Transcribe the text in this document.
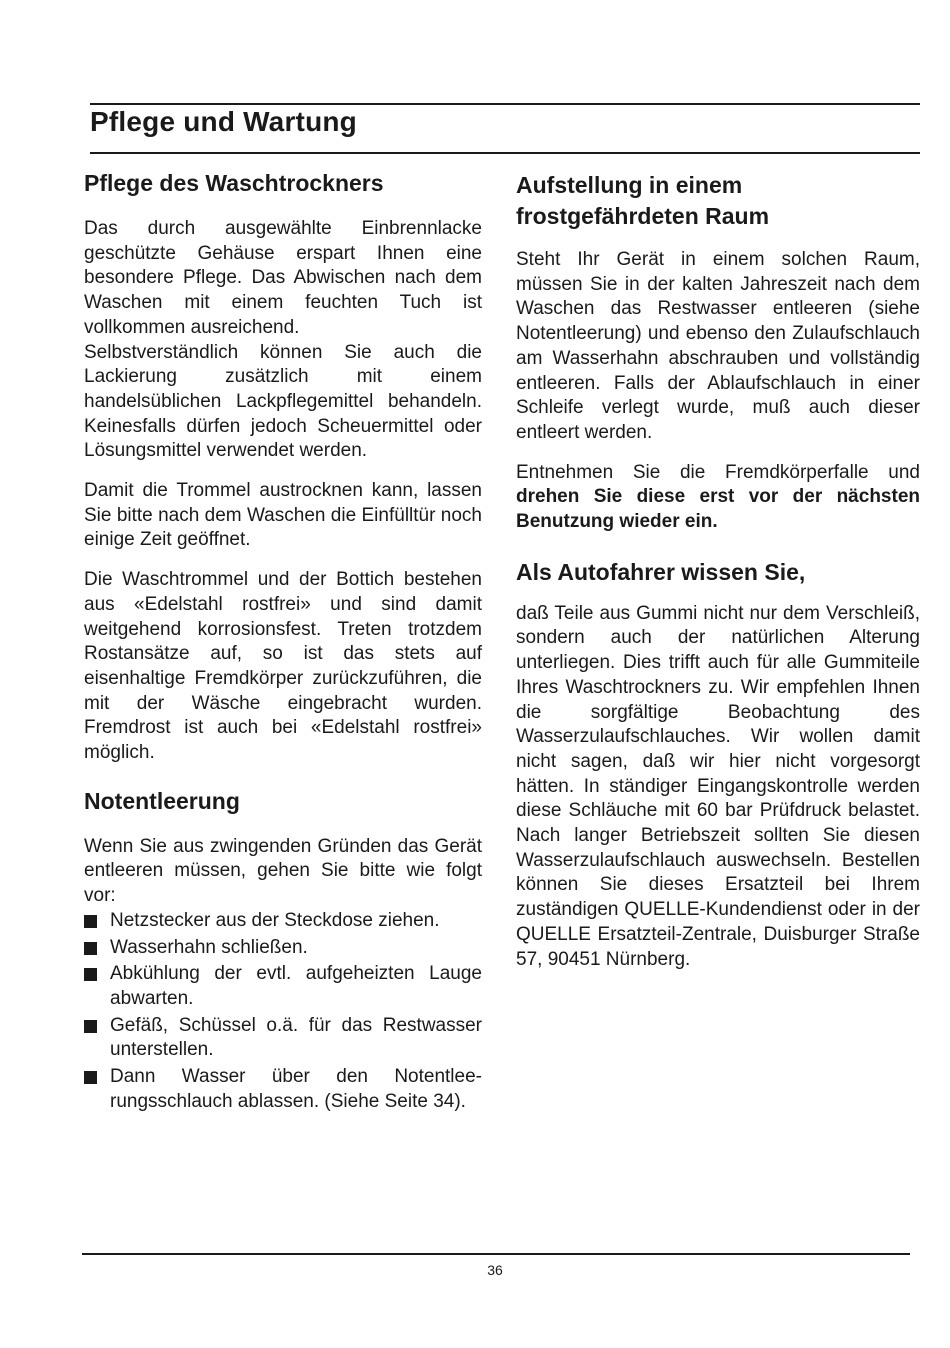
Pflege und Wartung
Pflege des Waschtrockners

Das durch ausgewählte Einbrennlacke geschützte Gehäuse erspart Ihnen eine besondere Pflege. Das Abwischen nach dem Waschen mit einem feuchten Tuch ist vollkommen ausreichend.

Selbstverständlich können Sie auch die Lackierung zusätzlich mit einem handelsüblichen Lackpflegemittel behandeln. Keinesfalls dürfen jedoch Scheuermittel oder Lösungsmittel verwendet werden.

Damit die Trommel austrocknen kann, lassen Sie bitte nach dem Waschen die Einfülltür noch einige Zeit geöffnet.

Die Waschtrommel und der Bottich bestehen aus «Edelstahl rostfrei» und sind damit weitgehend korrosionsfest. Treten trotzdem Rostansätze auf, so ist das stets auf eisenhaltige Fremdkörper zurückzuführen, die mit der Wäsche eingebracht wurden. Fremdrost ist auch bei «Edelstahl rostfrei» möglich.

Notentleerung

Wenn Sie aus zwingenden Gründen das Gerät entleeren müssen, gehen Sie bitte wie folgt vor:

Netzstecker aus der Steckdose ziehen.
Wasserhahn schließen.
Abkühlung der evtl. aufgeheizten Lauge abwarten.
Gefäß, Schüssel o.ä. für das Restwasser unterstellen.
Dann Wasser über den Notentleerungsschlauch ablassen. (Siehe Seite 34).
Aufstellung in einem frostgefährdeten Raum

Steht Ihr Gerät in einem solchen Raum, müssen Sie in der kalten Jahreszeit nach dem Waschen das Restwasser entleeren (siehe Notentleerung) und ebenso den Zulaufschlauch am Wasserhahn abschrauben und vollständig entleeren. Falls der Ablaufschlauch in einer Schleife verlegt wurde, muß auch dieser entleert werden.

Entnehmen Sie die Fremdkörperfalle und drehen Sie diese erst vor der nächsten Benutzung wieder ein.

Als Autofahrer wissen Sie,

daß Teile aus Gummi nicht nur dem Verschleiß, sondern auch der natürlichen Alterung unterliegen. Dies trifft auch für alle Gummiteile Ihres Waschtrockners zu. Wir empfehlen Ihnen die sorgfältige Beobachtung des Wasserzulaufschlauches. Wir wollen damit nicht sagen, daß wir hier nicht vorgesorgt hätten. In ständiger Eingangskontrolle werden diese Schläuche mit 60 bar Prüfdruck belastet. Nach langer Betriebszeit sollten Sie diesen Wasserzulaufschlauch auswechseln. Bestellen können Sie dieses Ersatzteil bei Ihrem zuständigen QUELLE-Kundendienst oder in der QUELLE Ersatzteil-Zentrale, Duisburger Straße 57, 90451 Nürnberg.

36
